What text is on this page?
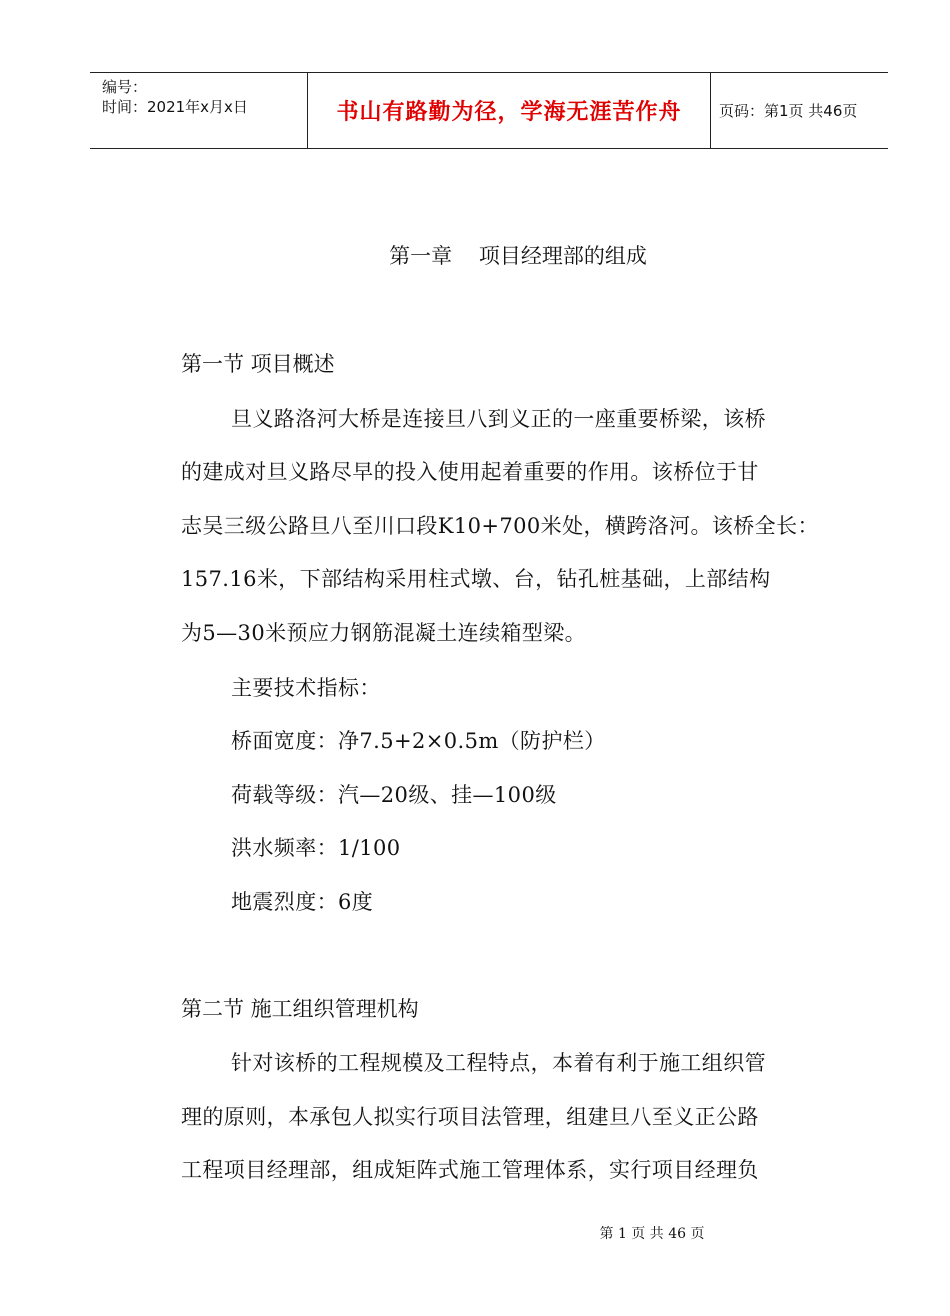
编号：
时间：2021年x月x日	书山有路勤为径，学海无涯苦作舟	页码：第1页 共46页
第一章    项目经理部的组成
第一节 项目概述
旦义路洛河大桥是连接旦八到义正的一座重要桥梁，该桥
的建成对旦义路尽早的投入使用起着重要的作用。该桥位于甘
志吴三级公路旦八至川口段K10+700米处，横跨洛河。该桥全长：
157.16米，下部结构采用柱式墩、台，钻孔桩基础，上部结构
为5—30米预应力钢筋混凝土连续箱型梁。
主要技术指标：
桥面宽度：净7.5+2×0.5m（防护栏）
荷载等级：汽—20级、挂—100级
洪水频率：1/100
地震烈度：6度
第二节 施工组织管理机构
针对该桥的工程规模及工程特点，本着有利于施工组织管
理的原则，本承包人拟实行项目法管理，组建旦八至义正公路
工程项目经理部，组成矩阵式施工管理体系，实行项目经理负
第 1 页 共 46 页
